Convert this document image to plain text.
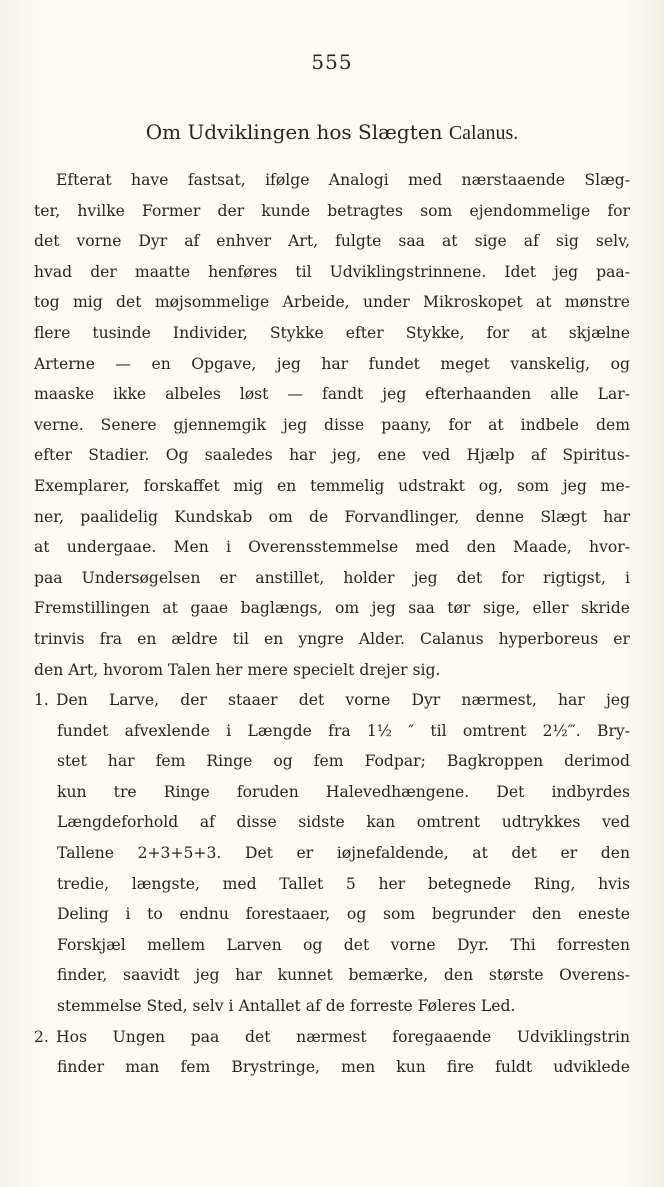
555
Om Udviklingen hos Slægten Calanus.
Efterat have fastsat, ifølge Analogi med nærstaaende Slæg-
ter, hvilke Former der kunde betragtes som ejendommelige for
det vorne Dyr af enhver Art, fulgte saa at sige af sig selv,
hvad der maatte henføres til Udviklingstrinnene. Idet jeg paa-
tog mig det møjsommelige Arbeide, under Mikroskopet at mønstre
flere tusinde Individer, Stykke efter Stykke, for at skjælne
Arterne — en Opgave, jeg har fundet meget vanskelig, og
maaske ikke albeles løst — fandt jeg efterhaanden alle Lar-
verne. Senere gjennemgik jeg disse paany, for at indbele dem
efter Stadier. Og saaledes har jeg, ene ved Hjælp af Spiritus-
Exemplarer, forskaffet mig en temmelig udstrakt og, som jeg me-
ner, paalidelig Kundskab om de Forvandlinger, denne Slægt har
at undergaae. Men i Overensstemmelse med den Maade, hvor-
paa Undersøgelsen er anstillet, holder jeg det for rigtigst, i
Fremstillingen at gaae baglængs, om jeg saa tør sige, eller skride
trinvis fra en ældre til en yngre Alder. Calanus hyperboreus er
den Art, hvorom Talen her mere specielt drejer sig.
1. Den Larve, der staaer det vorne Dyr nærmest, har jeg
fundet afvexlende i Længde fra 1½ ″ til omtrent 2½‴. Bry-
stet har fem Ringe og fem Fodpar; Bagkroppen derimod
kun tre Ringe foruden Halevedhængene. Det indbyrdes
Længdeforhold af disse sidste kan omtrent udtrykkes ved
Tallene 2+3+5+3. Det er iøjnefaldende, at det er den
tredie, længste, med Tallet 5 her betegnede Ring, hvis
Deling i to endnu forestaaer, og som begrunder den eneste
Forskjæl mellem Larven og det vorne Dyr. Thi forresten
finder, saavidt jeg har kunnet bemærke, den største Overens-
stemmelse Sted, selv i Antallet af de forreste Føleres Led.
2. Hos Ungen paa det nærmest foregaaende Udviklingstrin
finder man fem Brystringe, men kun fire fuldt udviklede
